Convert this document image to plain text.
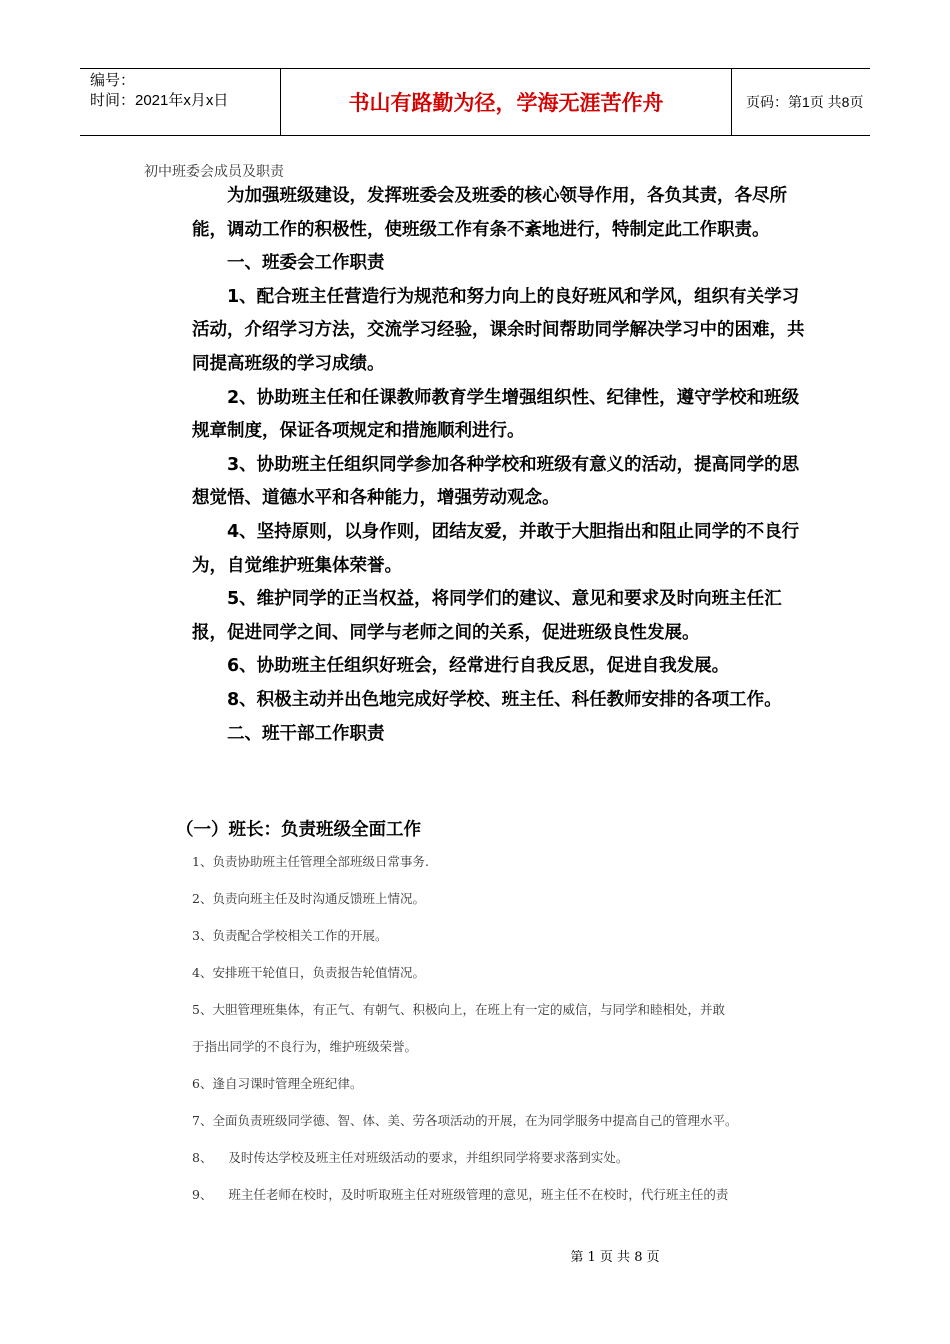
编号：
时间：2021年x月x日	书山有路勤为径，学海无涯苦作舟	页码：第1页 共8页
初中班委会成员及职责

为加强班级建设，发挥班委会及班委的核心领导作用，各负其责，各尽所能，调动工作的积极性，使班级工作有条不紊地进行，特制定此工作职责。

一、班委会工作职责

1、配合班主任营造行为规范和努力向上的良好班风和学风，组织有关学习活动，介绍学习方法，交流学习经验，课余时间帮助同学解决学习中的困难，共同提高班级的学习成绩。

2、协助班主任和任课教师教育学生增强组织性、纪律性，遵守学校和班级规章制度，保证各项规定和措施顺利进行。

3、协助班主任组织同学参加各种学校和班级有意义的活动，提高同学的思想觉悟、道德水平和各种能力，增强劳动观念。

4、坚持原则，以身作则，团结友爱，并敢于大胆指出和阻止同学的不良行为，自觉维护班集体荣誉。

5、维护同学的正当权益，将同学们的建议、意见和要求及时向班主任汇报，促进同学之间、同学与老师之间的关系，促进班级良性发展。

6、协助班主任组织好班会，经常进行自我反思，促进自我发展。

8、积极主动并出色地完成好学校、班主任、科任教师安排的各项工作。

二、班干部工作职责

（一）班长：负责班级全面工作

1、负责协助班主任管理全部班级日常事务.

2、负责向班主任及时沟通反馈班上情况。

3、负责配合学校相关工作的开展。

4、安排班干轮值日，负责报告轮值情况。

5、大胆管理班集体，有正气、有朝气、积极向上，在班上有一定的威信，与同学和睦相处，并敢

于指出同学的不良行为，维护班级荣誉。

6、逢自习课时管理全班纪律。

7、全面负责班级同学德、智、体、美、劳各项活动的开展，在为同学服务中提高自己的管理水平。

8、    及时传达学校及班主任对班级活动的要求，并组织同学将要求落到实处。

9、    班主任老师在校时，及时听取班主任对班级管理的意见，班主任不在校时，代行班主任的责

第 1 页 共 8 页
